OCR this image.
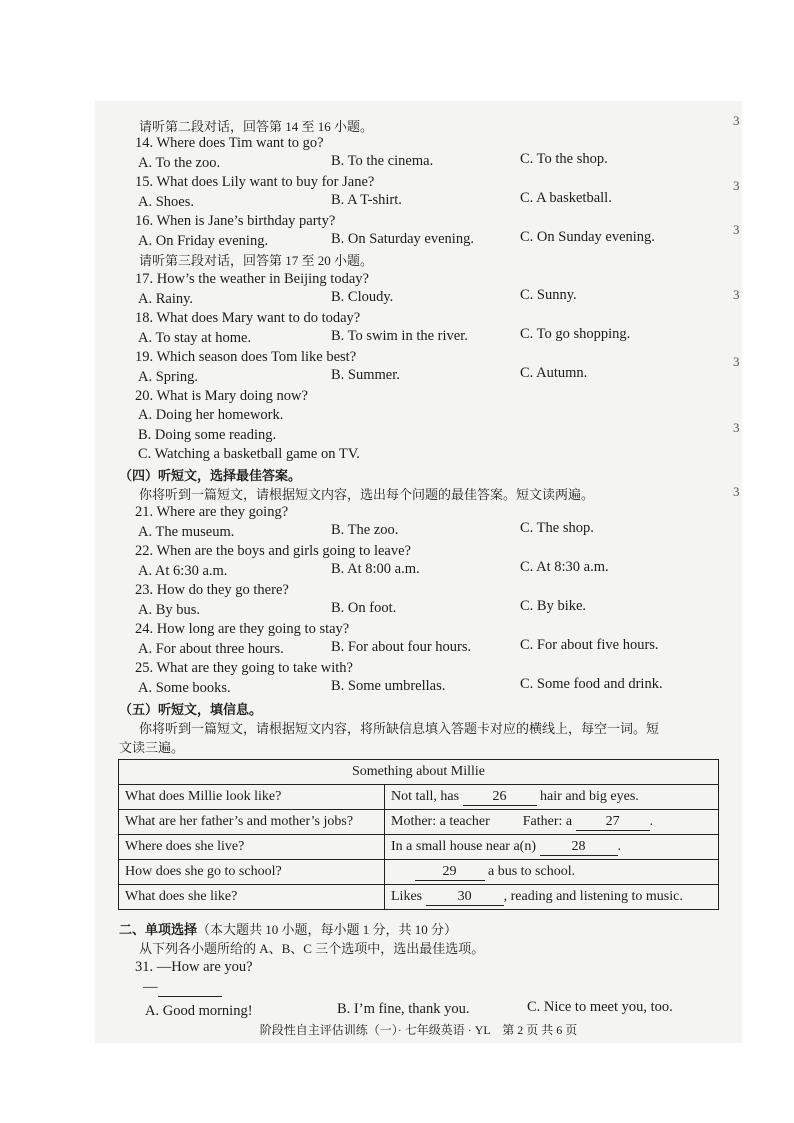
请听第二段对话，回答第 14 至 16 小题。
14. Where does Tim want to go?
A. To the zoo.	B. To the cinema.	C. To the shop.
15. What does Lily want to buy for Jane?
A. Shoes.	B. A T-shirt.	C. A basketball.
16. When is Jane’s birthday party?
A. On Friday evening.	B. On Saturday evening.	C. On Sunday evening.
请听第三段对话，回答第 17 至 20 小题。
17. How’s the weather in Beijing today?
A. Rainy.	B. Cloudy.	C. Sunny.
18. What does Mary want to do today?
A. To stay at home.	B. To swim in the river.	C. To go shopping.
19. Which season does Tom like best?
A. Spring.	B. Summer.	C. Autumn.
20. What is Mary doing now?
A. Doing her homework.
B. Doing some reading.
C. Watching a basketball game on TV.
（四）听短文，选择最佳答案。
你将听到一篇短文，请根据短文内容，选出每个问题的最佳答案。短文读两遍。
21. Where are they going?
A. The museum.	B. The zoo.	C. The shop.
22. When are the boys and girls going to leave?
A. At 6:30 a.m.	B. At 8:00 a.m.	C. At 8:30 a.m.
23. How do they go there?
A. By bus.	B. On foot.	C. By bike.
24. How long are they going to stay?
A. For about three hours.	B. For about four hours.	C. For about five hours.
25. What are they going to take with?
A. Some books.	B. Some umbrellas.	C. Some food and drink.
（五）听短文，填信息。
你将听到一篇短文，请根据短文内容，将所缺信息填入答题卡对应的横线上，每空一词。短
文读三遍。
Something about Millie	
What does Millie look like?	Not tall, has 26 hair and big eyes.
What are her father’s and mother’s jobs?	Mother: a teacher Father: a 27 .
Where does she live?	In a small house near a(n) 28 .
How does she go to school?	29 a bus to school.
What does she like?	Likes 30 , reading and listening to music.
二、单项选择（本大题共 10 小题，每小题 1 分，共 10 分）
从下列各小题所给的 A、B、C 三个选项中，选出最佳选项。
31. —How are you?
—
A. Good morning!	B. I’m fine, thank you.	C. Nice to meet you, too.
阶段性自主评估训练（一）· 七年级英语 · YL　第 2 页 共 6 页
3
3
3
3
3
3
3
